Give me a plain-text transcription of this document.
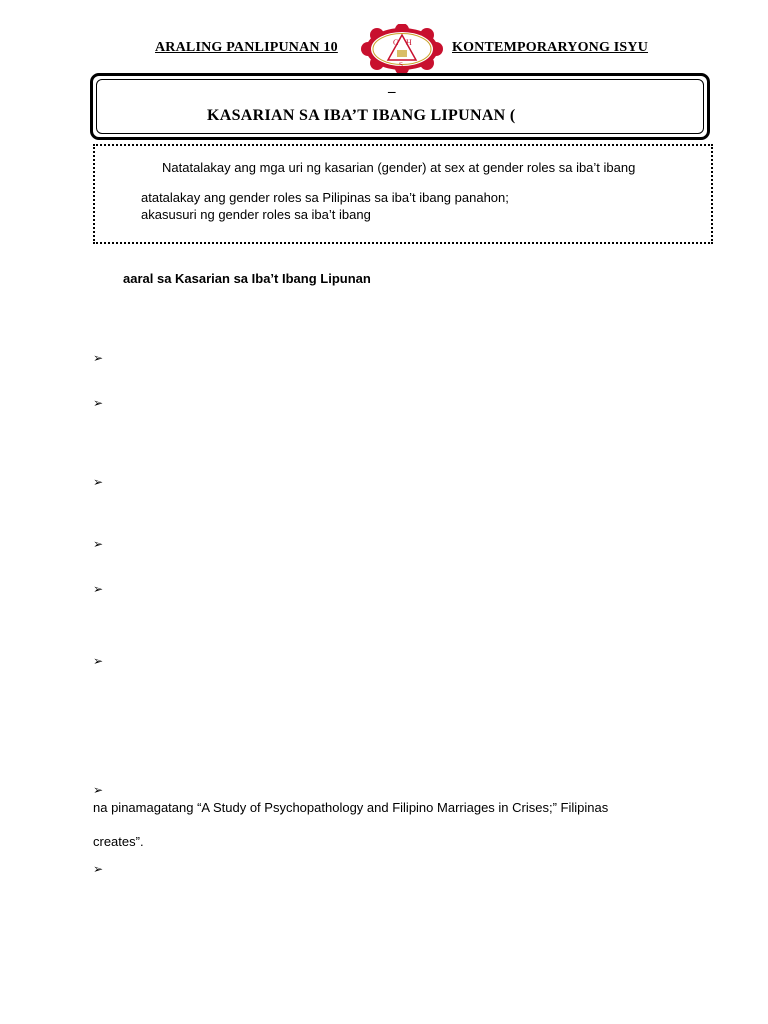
ARALING PANLIPUNAN 10	C H
S
KONTEMPORARYONG ISYU
–
KASARIAN SA IBA’T IBANG LIPUNAN (
Natatalakay ang mga uri ng kasarian (gender) at sex at gender roles sa iba’t ibang
atatalakay ang gender roles sa Pilipinas sa iba’t ibang panahon;
akasusuri ng gender roles sa iba’t ibang
aaral sa Kasarian sa Iba’t Ibang Lipunan
➢
➢
➢
➢
➢
➢
➢
na pinamagatang “A Study of Psychopathology and Filipino Marriages in Crises;” Filipinas
creates”.
➢
